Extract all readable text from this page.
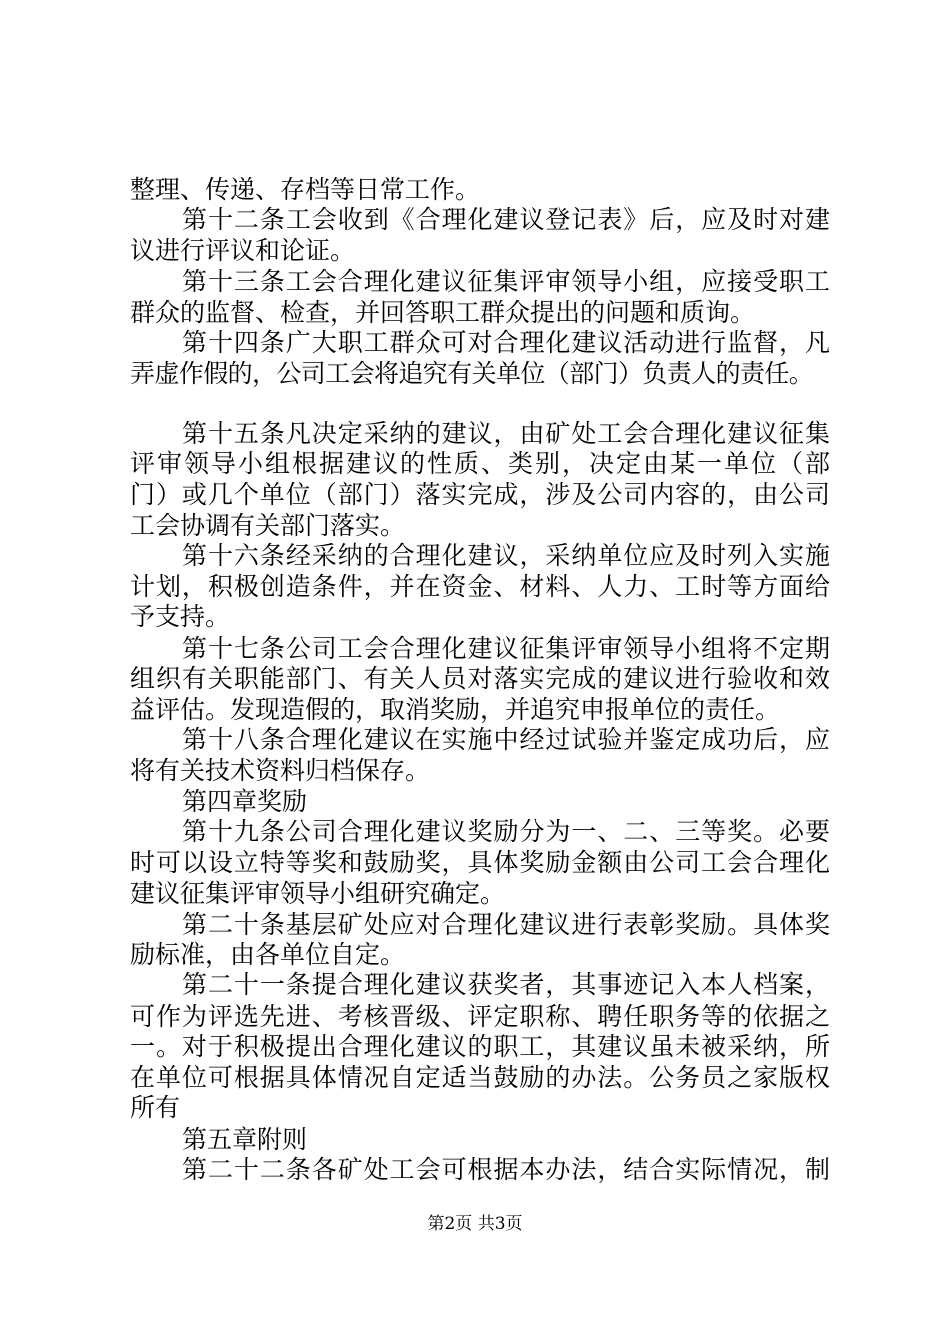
整理、传递、存档等日常工作。
第十二条工会收到《合理化建议登记表》后，应及时对建
议进行评议和论证。
第十三条工会合理化建议征集评审领导小组，应接受职工
群众的监督、检查，并回答职工群众提出的问题和质询。
第十四条广大职工群众可对合理化建议活动进行监督，凡
弄虚作假的，公司工会将追究有关单位（部门）负责人的责任。
第十五条凡决定采纳的建议，由矿处工会合理化建议征集
评审领导小组根据建议的性质、类别，决定由某一单位（部
门）或几个单位（部门）落实完成，涉及公司内容的，由公司
工会协调有关部门落实。
第十六条经采纳的合理化建议，采纳单位应及时列入实施
计划，积极创造条件，并在资金、材料、人力、工时等方面给
予支持。
第十七条公司工会合理化建议征集评审领导小组将不定期
组织有关职能部门、有关人员对落实完成的建议进行验收和效
益评估。发现造假的，取消奖励，并追究申报单位的责任。
第十八条合理化建议在实施中经过试验并鉴定成功后，应
将有关技术资料归档保存。
第四章奖励
第十九条公司合理化建议奖励分为一、二、三等奖。必要
时可以设立特等奖和鼓励奖，具体奖励金额由公司工会合理化
建议征集评审领导小组研究确定。
第二十条基层矿处应对合理化建议进行表彰奖励。具体奖
励标准，由各单位自定。
第二十一条提合理化建议获奖者，其事迹记入本人档案，
可作为评选先进、考核晋级、评定职称、聘任职务等的依据之
一。对于积极提出合理化建议的职工，其建议虽未被采纳，所
在单位可根据具体情况自定适当鼓励的办法。公务员之家版权
所有
第五章附则
第二十二条各矿处工会可根据本办法，结合实际情况，制
第2页 共3页
